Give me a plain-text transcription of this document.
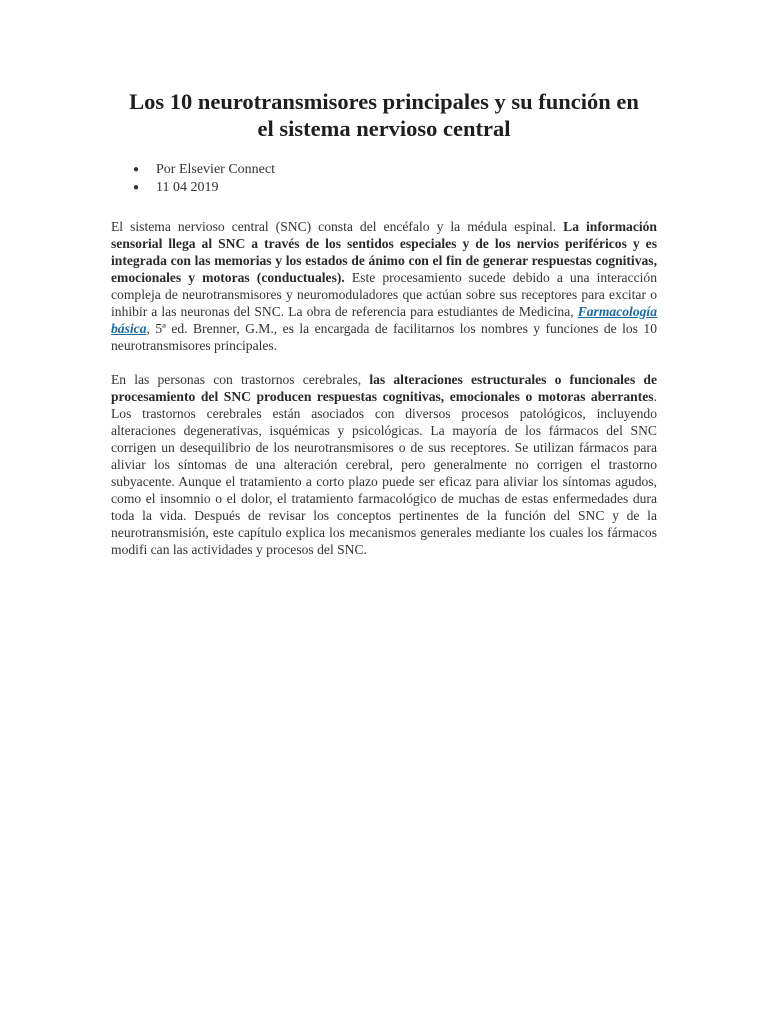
Los 10 neurotransmisores principales y su función en el sistema nervioso central
● Por Elsevier Connect
● 11 04 2019

El sistema nervioso central (SNC) consta del encéfalo y la médula espinal. La información sensorial llega al SNC a través de los sentidos especiales y de los nervios periféricos y es integrada con las memorias y los estados de ánimo con el fin de generar respuestas cognitivas, emocionales y motoras (conductuales). Este procesamiento sucede debido a una interacción compleja de neurotransmisores y neuromoduladores que actúan sobre sus receptores para excitar o inhibir a las neuronas del SNC. La obra de referencia para estudiantes de Medicina, Farmacología básica, 5ª ed. Brenner, G.M., es la encargada de facilitarnos los nombres y funciones de los 10 neurotransmisores principales.

En las personas con trastornos cerebrales, las alteraciones estructurales o funcionales de procesamiento del SNC producen respuestas cognitivas, emocionales o motoras aberrantes. Los trastornos cerebrales están asociados con diversos procesos patológicos, incluyendo alteraciones degenerativas, isquémicas y psicológicas. La mayoría de los fármacos del SNC corrigen un desequilibrio de los neurotransmisores o de sus receptores. Se utilizan fármacos para aliviar los síntomas de una alteración cerebral, pero generalmente no corrigen el trastorno subyacente. Aunque el tratamiento a corto plazo puede ser eficaz para aliviar los síntomas agudos, como el insomnio o el dolor, el tratamiento farmacológico de muchas de estas enfermedades dura toda la vida. Después de revisar los conceptos pertinentes de la función del SNC y de la neurotransmisión, este capítulo explica los mecanismos generales mediante los cuales los fármacos modifi can las actividades y procesos del SNC.
